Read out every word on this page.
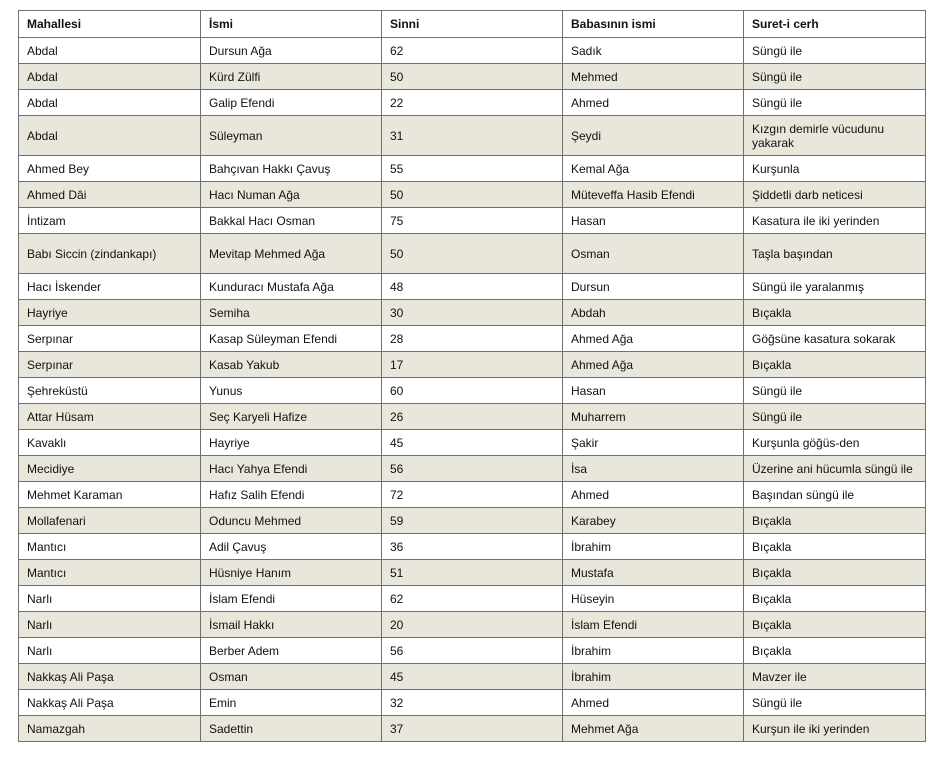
Mahallesi	İsmi	Sinni	Babasının ismi	Suret-i cerh
Abdal	Dursun Ağa	62	Sadık	Süngü ile
Abdal	Kürd Zülfi	50	Mehmed	Süngü ile
Abdal	Galip Efendi	22	Ahmed	Süngü ile
Abdal	Süleyman	31	Şeydi	Kızgın demirle vücudunu yakarak
Ahmed Bey	Bahçıvan Hakkı Çavuş	55	Kemal Ağa	Kurşunla
Ahmed Dâi	Hacı Numan Ağa	50	Müteveffa Hasib Efendi	Şiddetli darb neticesi
İntizam	Bakkal Hacı Osman	75	Hasan	Kasatura ile iki yerinden
Babı Siccin (zindankapı)	Mevitap Mehmed Ağa	50	Osman	Taşla başından
Hacı İskender	Kunduracı Mustafa Ağa	48	Dursun	Süngü ile yaralanmış
Hayriye	Semiha	30	Abdah	Bıçakla
Serpınar	Kasap Süleyman Efendi	28	Ahmed Ağa	Göğsüne kasatura sokarak
Serpınar	Kasab Yakub	17	Ahmed Ağa	Bıçakla
Şehreküstü	Yunus	60	Hasan	Süngü ile
Attar Hüsam	Seç Karyeli Hafize	26	Muharrem	Süngü ile
Kavaklı	Hayriye	45	Şakir	Kurşunla göğüs-den
Mecidiye	Hacı Yahya Efendi	56	İsa	Üzerine ani hücumla süngü ile
Mehmet Karaman	Hafız Salih Efendi	72	Ahmed	Başından süngü ile
Mollafenari	Oduncu Mehmed	59	Karabey	Bıçakla
Mantıcı	Adil Çavuş	36	İbrahim	Bıçakla
Mantıcı	Hüsniye Hanım	51	Mustafa	Bıçakla
Narlı	İslam Efendi	62	Hüseyin	Bıçakla
Narlı	İsmail Hakkı	20	İslam Efendi	Bıçakla
Narlı	Berber Adem	56	İbrahim	Bıçakla
Nakkaş Ali Paşa	Osman	45	İbrahim	Mavzer ile
Nakkaş Ali Paşa	Emin	32	Ahmed	Süngü ile
Namazgah	Sadettin	37	Mehmet Ağa	Kurşun ile iki yerinden
